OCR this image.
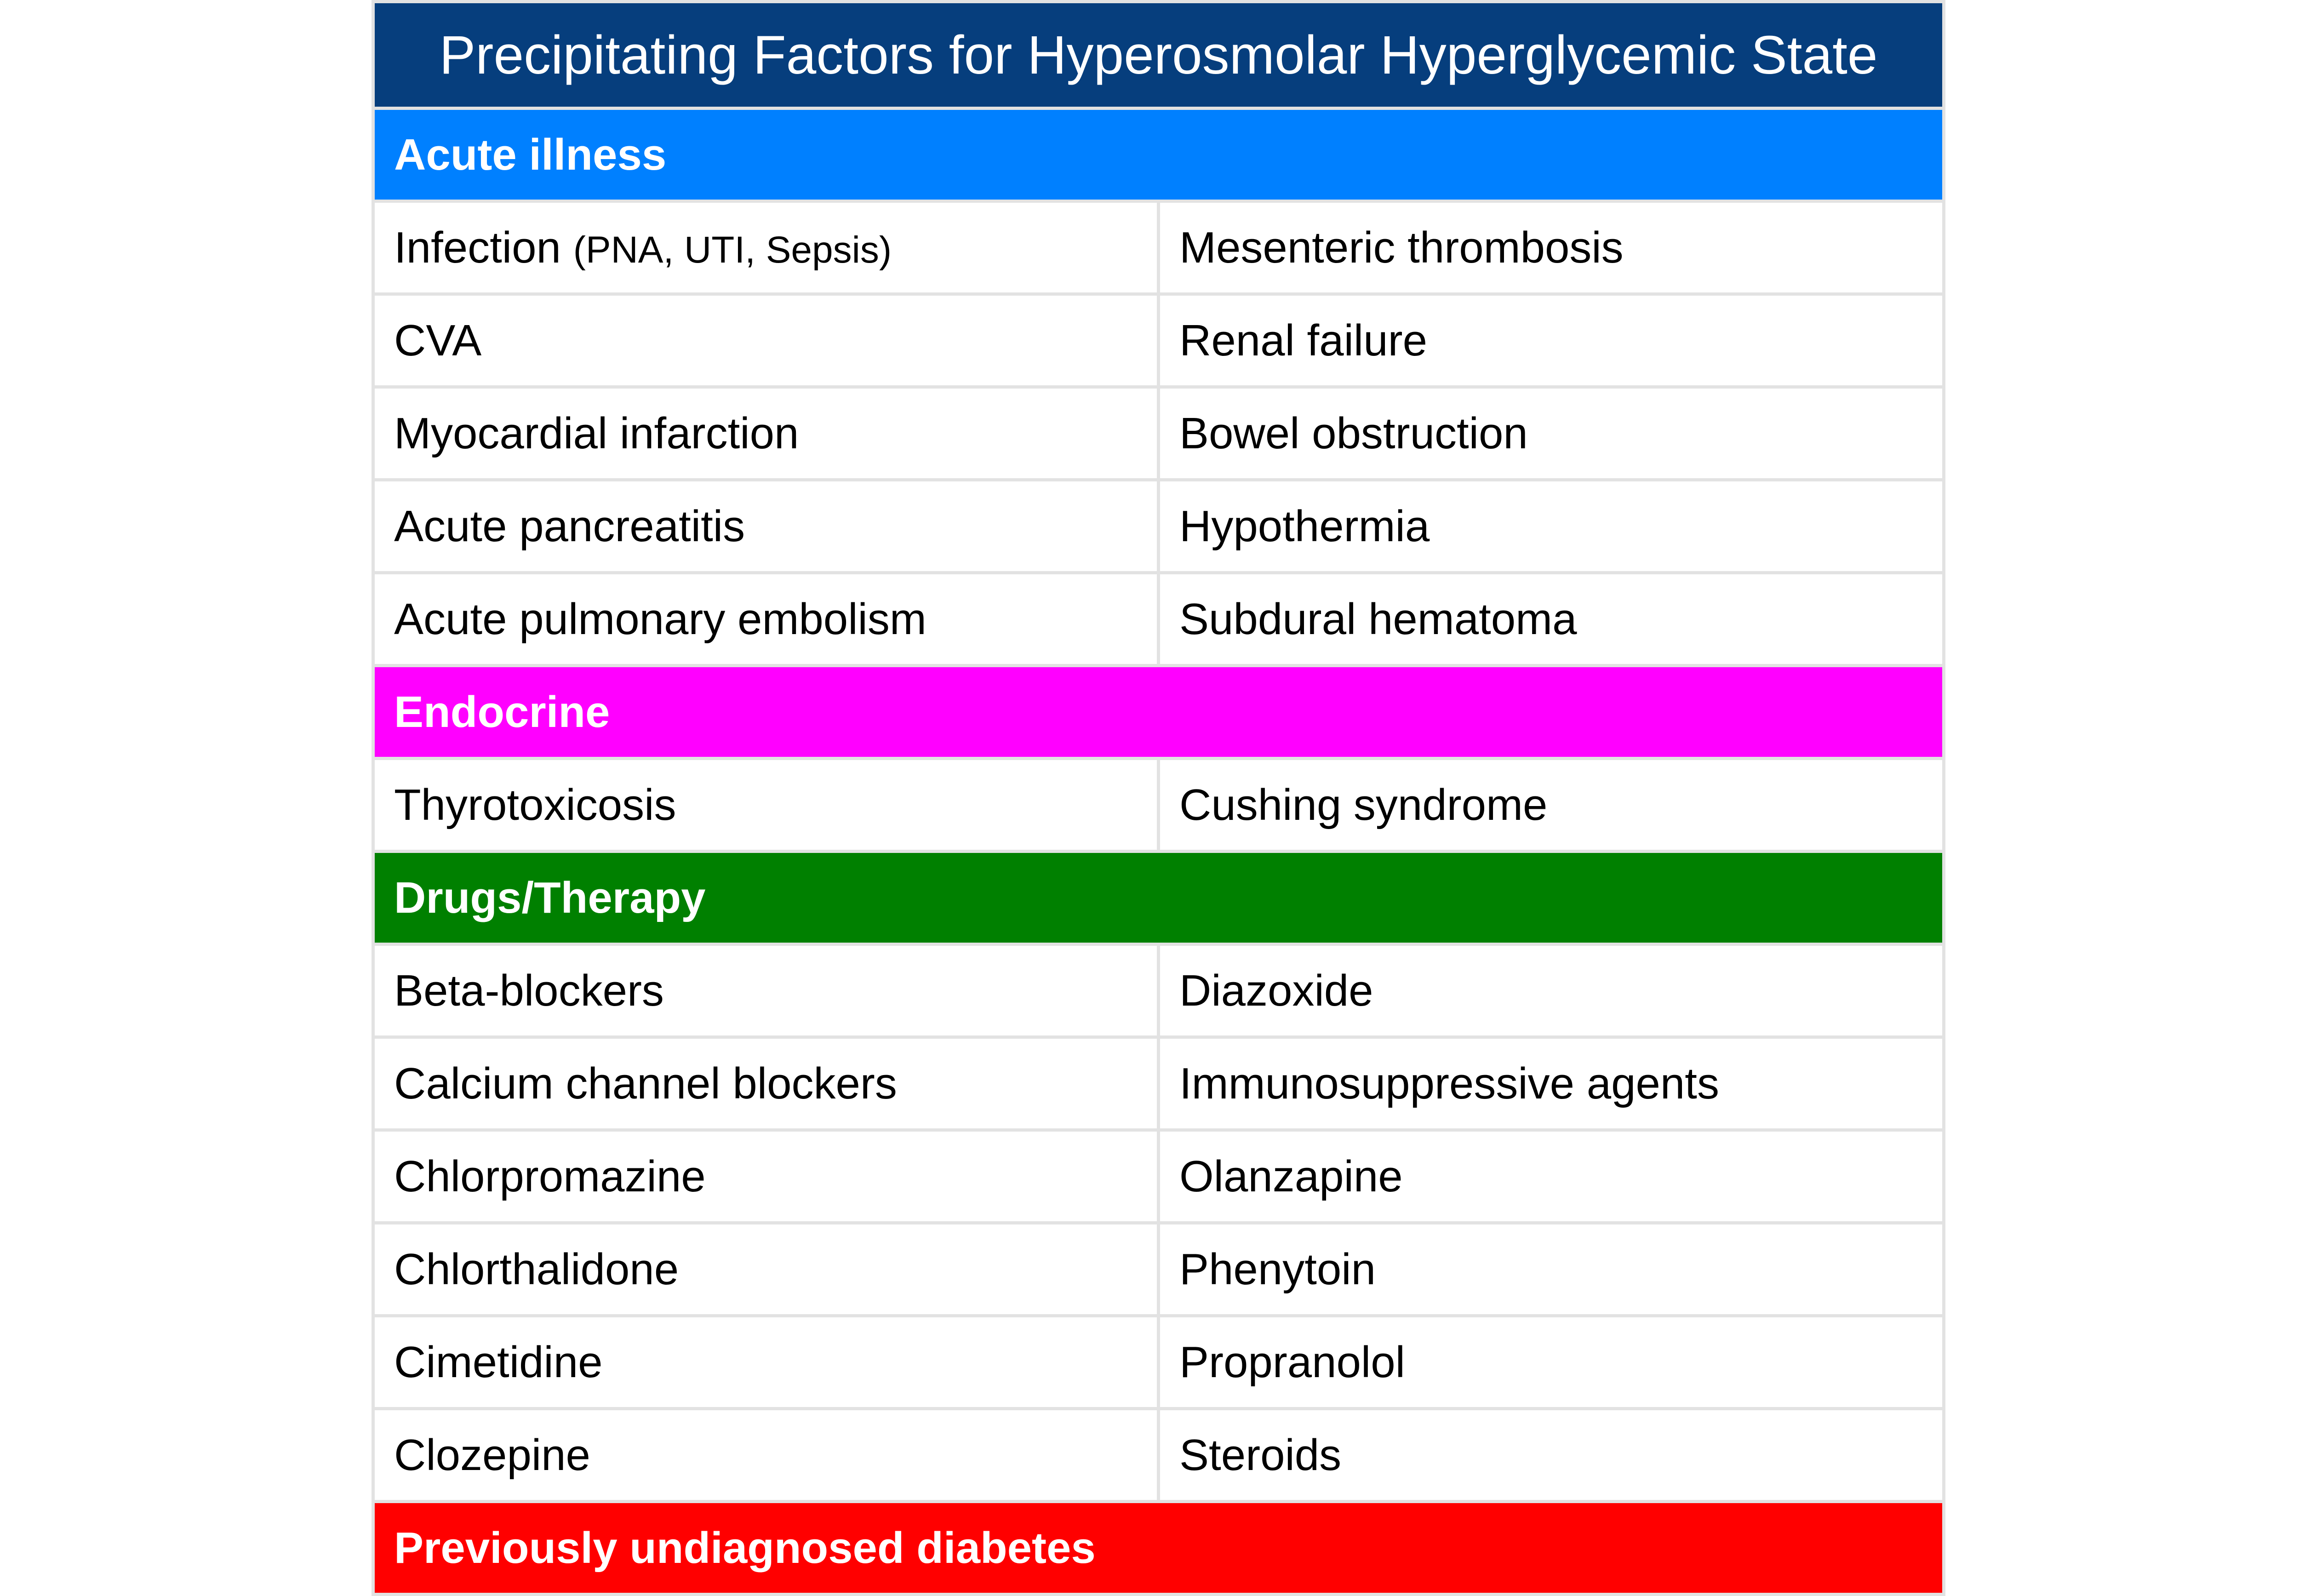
Precipitating Factors for Hyperosmolar Hyperglycemic State	
Acute illness	
Infection (PNA, UTI, Sepsis)	Mesenteric thrombosis
CVA	Renal failure
Myocardial infarction	Bowel obstruction
Acute pancreatitis	Hypothermia
Acute pulmonary embolism	Subdural hematoma
Endocrine	
Thyrotoxicosis	Cushing syndrome
Drugs/Therapy	
Beta-blockers	Diazoxide
Calcium channel blockers	Immunosuppressive agents
Chlorpromazine	Olanzapine
Chlorthalidone	Phenytoin
Cimetidine	Propranolol
Clozepine	Steroids
Previously undiagnosed diabetes	
